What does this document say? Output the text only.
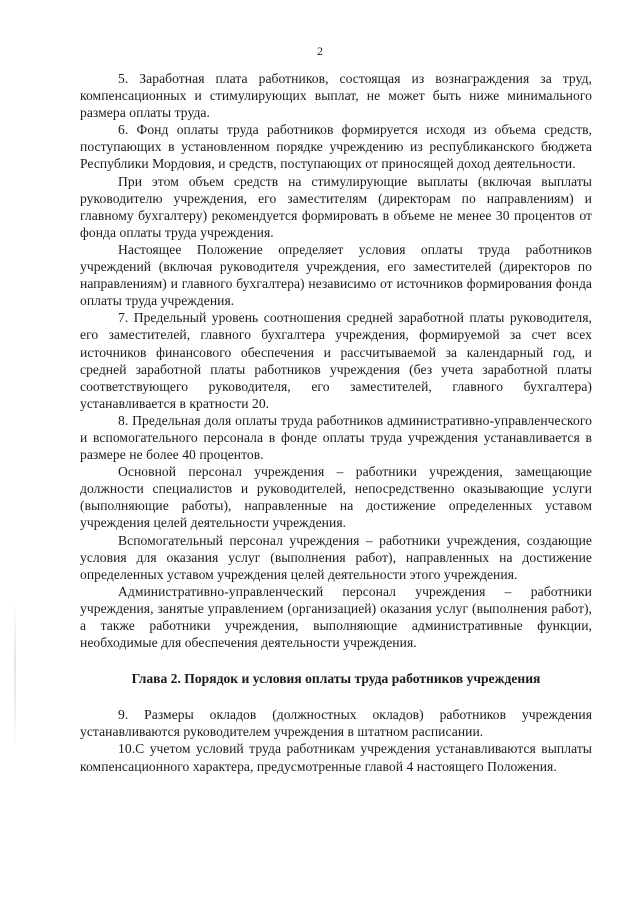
2

5. Заработная плата работников, состоящая из вознаграждения за труд, компенсационных и стимулирующих выплат, не может быть ниже минимального размера оплаты труда.

6. Фонд оплаты труда работников формируется исходя из объема средств, поступающих в установленном порядке учреждению из республиканского бюджета Республики Мордовия, и средств, поступающих от приносящей доход деятельности.

При этом объем средств на стимулирующие выплаты (включая выплаты руководителю учреждения, его заместителям (директорам по направлениям) и главному бухгалтеру) рекомендуется формировать в объеме не менее 30 процентов от фонда оплаты труда учреждения.

Настоящее Положение определяет условия оплаты труда работников учреждений (включая руководителя учреждения, его заместителей (директоров по направлениям) и главного бухгалтера) независимо от источников формирования фонда оплаты труда учреждения.

7. Предельный уровень соотношения средней заработной платы руководителя, его заместителей, главного бухгалтера учреждения, формируемой за счет всех источников финансового обеспечения и рассчитываемой за календарный год, и средней заработной платы работников учреждения (без учета заработной платы соответствующего руководителя, его заместителей, главного бухгалтера) устанавливается в кратности 20.

8. Предельная доля оплаты труда работников административно-управленческого и вспомогательного персонала в фонде оплаты труда учреждения устанавливается в размере не более 40 процентов.

Основной персонал учреждения – работники учреждения, замещающие должности специалистов и руководителей, непосредственно оказывающие услуги (выполняющие работы), направленные на достижение определенных уставом учреждения целей деятельности учреждения.

Вспомогательный персонал учреждения – работники учреждения, создающие условия для оказания услуг (выполнения работ), направленных на достижение определенных уставом учреждения целей деятельности этого учреждения.

Административно-управленческий персонал учреждения – работники учреждения, занятые управлением (организацией) оказания услуг (выполнения работ), а также работники учреждения, выполняющие административные функции, необходимые для обеспечения деятельности учреждения.

Глава 2. Порядок и условия оплаты труда работников учреждения

9. Размеры окладов (должностных окладов) работников учреждения устанавливаются руководителем учреждения в штатном расписании.

10.С учетом условий труда работникам учреждения устанавливаются выплаты компенсационного характера, предусмотренные главой 4 настоящего Положения.
